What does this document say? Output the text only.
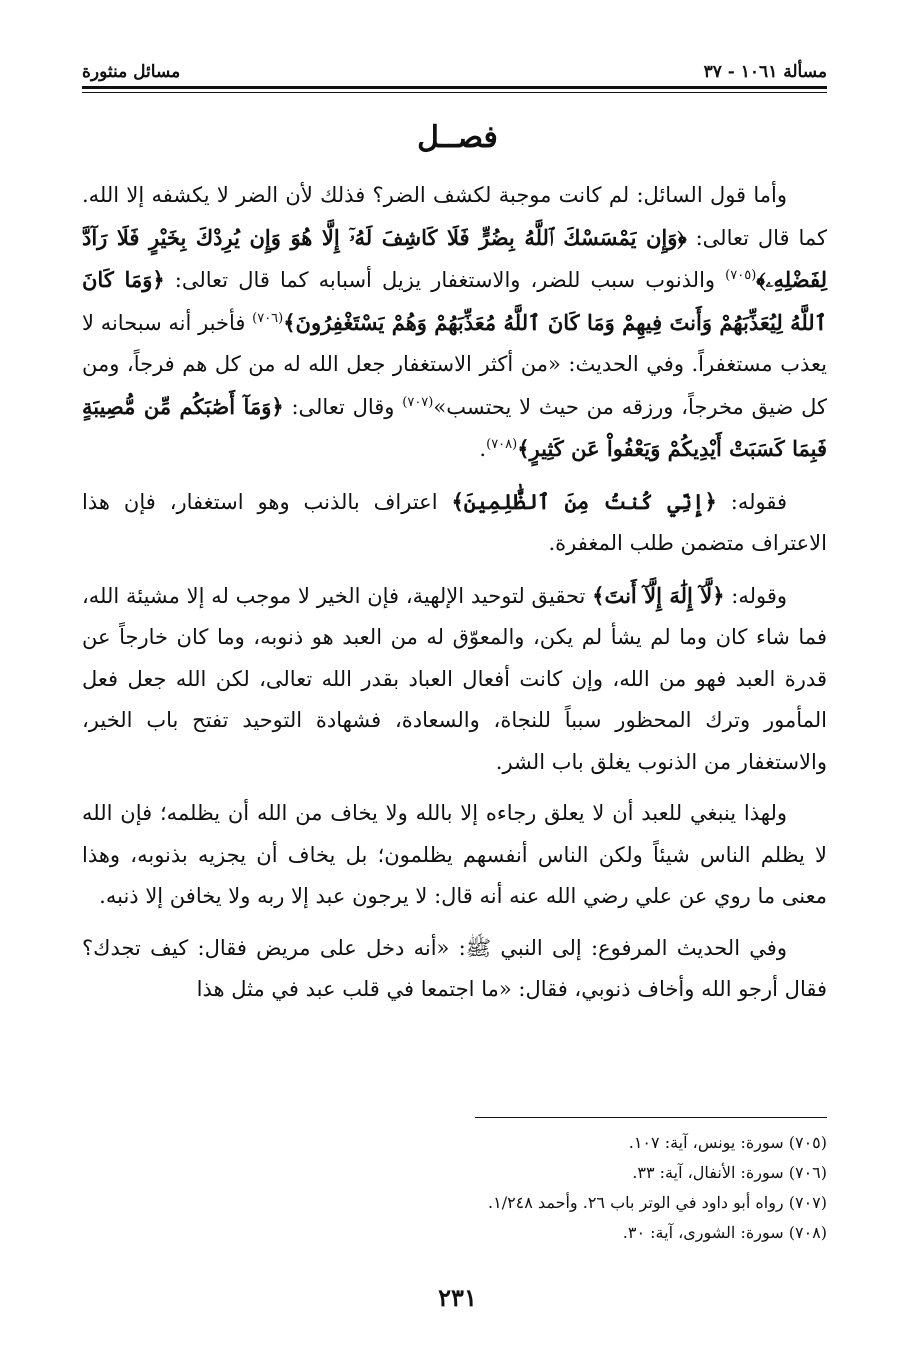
مسألة ١٠٦١ - ٣٧
مسائل منثورة
فصــل

وأما قول السائل: لم كانت موجبة لكشف الضر؟ فذلك لأن الضر لا يكشفه إلا الله. كما قال تعالى: ﴿وَإِن يَمْسَسْكَ ٱللَّهُ بِضُرٍّ فَلَا كَاشِفَ لَهُۥٓ إِلَّا هُوَ وَإِن يُرِدْكَ بِخَيْرٍ فَلَا رَآدَّ لِفَضْلِهِۦ﴾$^{(٧٠٥)}$ والذنوب سبب للضر، والاستغفار يزيل أسبابه كما قال تعالى: ﴿وَمَا كَانَ ٱللَّهُ لِيُعَذِّبَهُمْ وَأَنتَ فِيهِمْ وَمَا كَانَ ٱللَّهُ مُعَذِّبَهُمْ وَهُمْ يَسْتَغْفِرُونَ﴾$^{(٧٠٦)}$ فأخبر أنه سبحانه لا يعذب مستغفراً. وفي الحديث: «من أكثر الاستغفار جعل الله له من كل هم فرجاً، ومن كل ضيق مخرجاً، ورزقه من حيث لا يحتسب»$^{(٧٠٧)}$ وقال تعالى: ﴿وَمَآ أَصَٰبَكُم مِّن مُّصِيبَةٍ فَبِمَا كَسَبَتْ أَيْدِيكُمْ وَيَعْفُواْ عَن كَثِيرٍ﴾$^{(٧٠٨)}$.

فقوله: ﴿إِنِّي كُنتُ مِنَ ٱلظَّٰلِمِينَ﴾ اعتراف بالذنب وهو استغفار، فإن هذا الاعتراف متضمن طلب المغفرة.

وقوله: ﴿لَّآ إِلَٰهَ إِلَّآ أَنتَ﴾ تحقيق لتوحيد الإلهية، فإن الخير لا موجب له إلا مشيئة الله، فما شاء كان وما لم يشأ لم يكن، والمعوّق له من العبد هو ذنوبه، وما كان خارجاً عن قدرة العبد فهو من الله، وإن كانت أفعال العباد بقدر الله تعالى، لكن الله جعل فعل المأمور وترك المحظور سبباً للنجاة، والسعادة، فشهادة التوحيد تفتح باب الخير، والاستغفار من الذنوب يغلق باب الشر.

ولهذا ينبغي للعبد أن لا يعلق رجاءه إلا بالله ولا يخاف من الله أن يظلمه؛ فإن الله لا يظلم الناس شيئاً ولكن الناس أنفسهم يظلمون؛ بل يخاف أن يجزيه بذنوبه، وهذا معنى ما روي عن علي رضي الله عنه أنه قال: لا يرجون عبد إلا ربه ولا يخافن إلا ذنبه.

وفي الحديث المرفوع: إلى النبي ﷺ: «أنه دخل على مريض فقال: كيف تجدك؟ فقال أرجو الله وأخاف ذنوبي، فقال: «ما اجتمعا في قلب عبد في مثل هذا

(٧٠٥) سورة: يونس، آية: ١٠٧.
(٧٠٦) سورة: الأنفال، آية: ٣٣.
(٧٠٧) رواه أبو داود في الوتر باب ٢٦. وأحمد ١/٢٤٨.
(٧٠٨) سورة: الشورى، آية: ٣٠.
٢٣١
